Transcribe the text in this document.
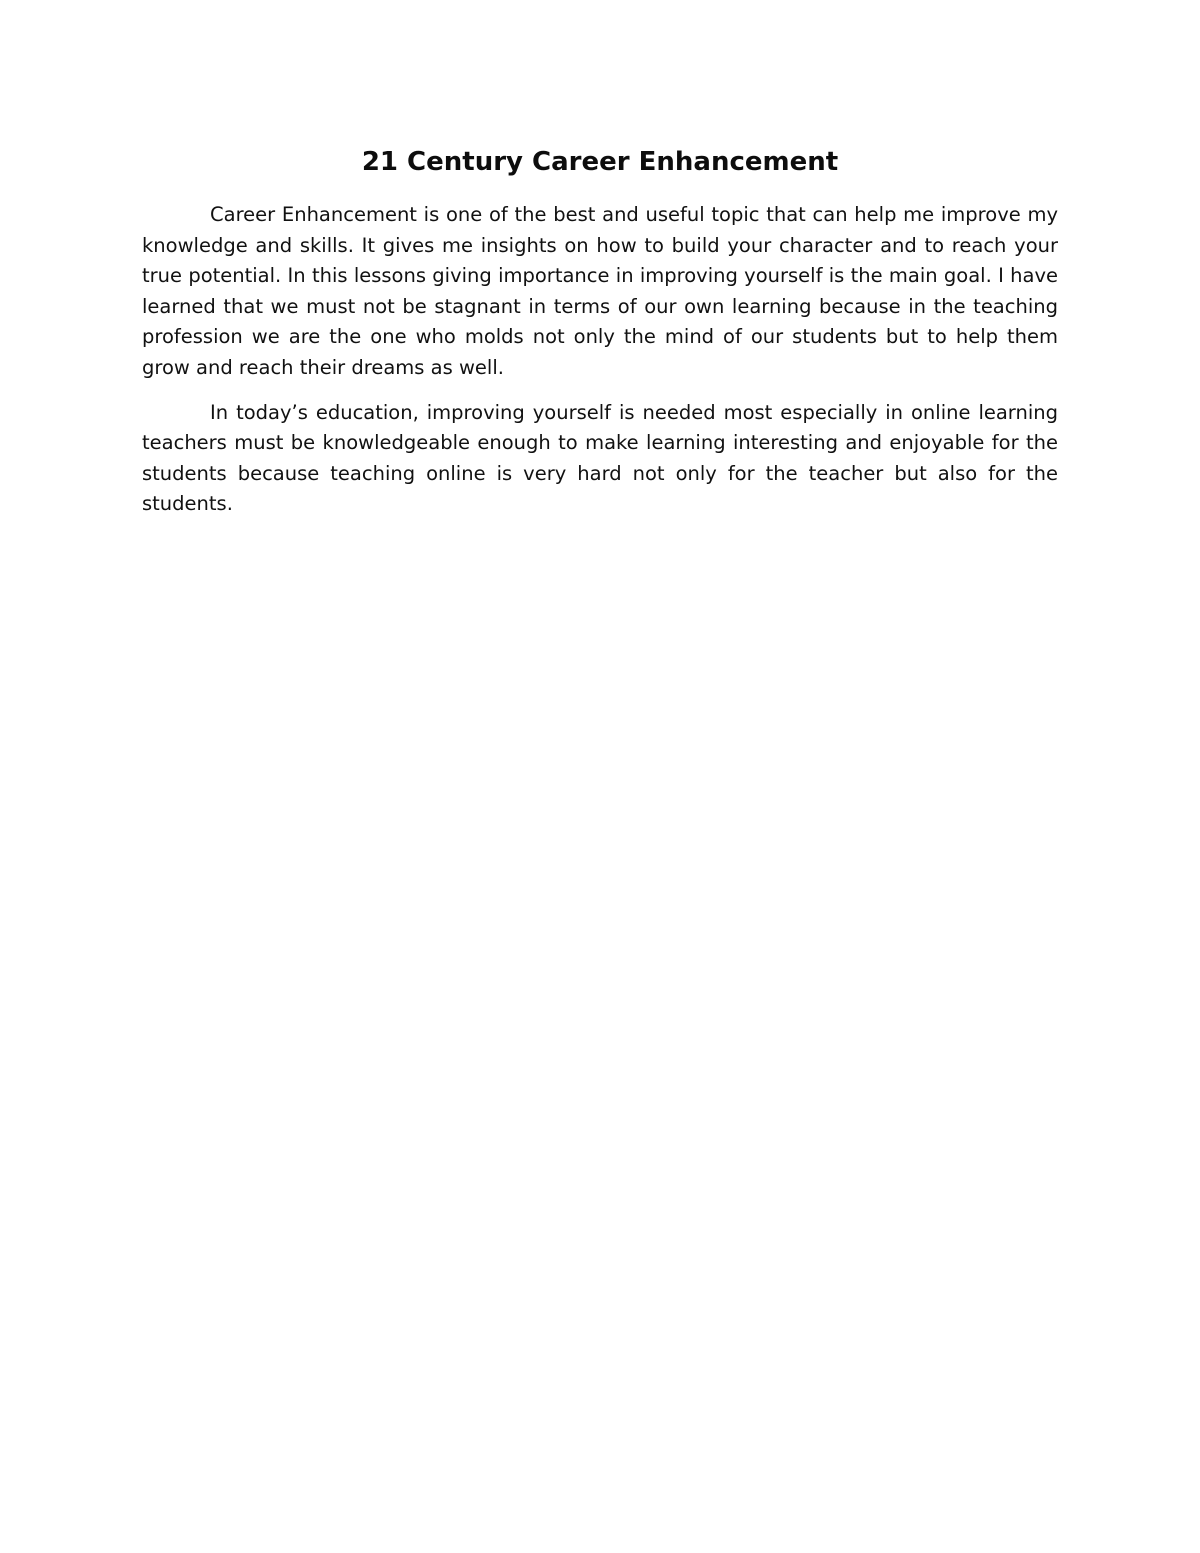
21 Century Career Enhancement

Career Enhancement is one of the best and useful topic that can help me improve my knowledge and skills. It gives me insights on how to build your character and to reach your true potential. In this lessons giving importance in improving yourself is the main goal. I have learned that we must not be stagnant in terms of our own learning because in the teaching profession we are the one who molds not only the mind of our students but to help them grow and reach their dreams as well.

In today’s education, improving yourself is needed most especially in online learning teachers must be knowledgeable enough to make learning interesting and enjoyable for the students because teaching online is very hard not only for the teacher but also for the students.
